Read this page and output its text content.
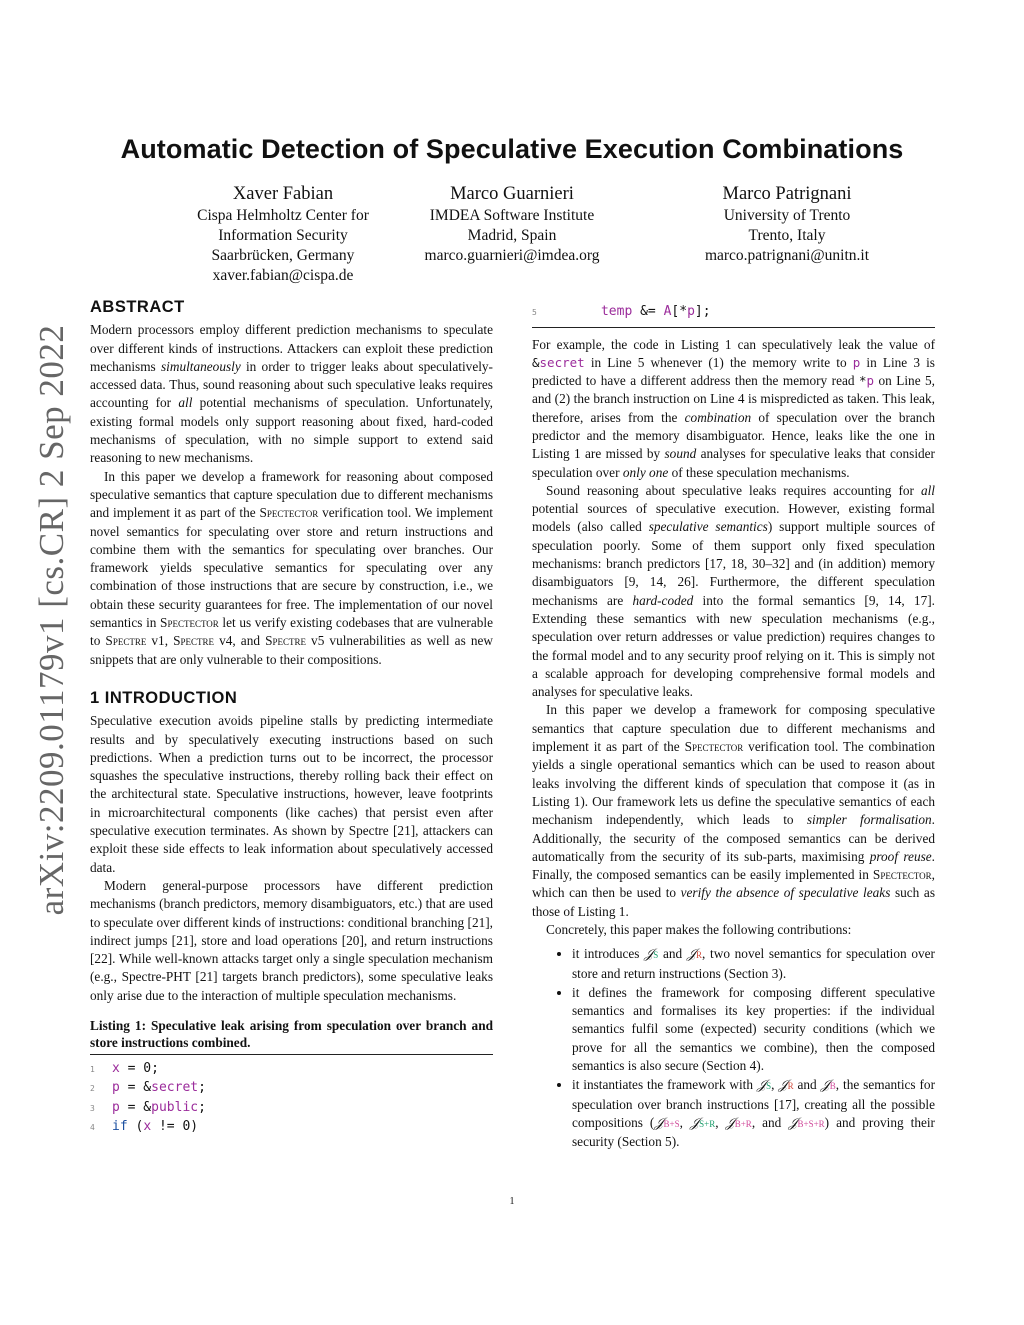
Automatic Detection of Speculative Execution Combinations
Xaver Fabian
Cispa Helmholtz Center for
Information Security
Saarbrücken, Germany
xaver.fabian@cispa.de
Marco Guarnieri
IMDEA Software Institute
Madrid, Spain
marco.guarnieri@imdea.org
Marco Patrignani
University of Trento
Trento, Italy
marco.patrignani@unitn.it
arXiv:2209.01179v1 [cs.CR] 2 Sep 2022
ABSTRACT

Modern processors employ different prediction mechanisms to speculate over different kinds of instructions. Attackers can exploit these prediction mechanisms simultaneously in order to trigger leaks about speculatively-accessed data. Thus, sound reasoning about such speculative leaks requires accounting for all potential mechanisms of speculation. Unfortunately, existing formal models only support reasoning about fixed, hard-coded mechanisms of speculation, with no simple support to extend said reasoning to new mechanisms.

In this paper we develop a framework for reasoning about composed speculative semantics that capture speculation due to different mechanisms and implement it as part of the Spectector verification tool. We implement novel semantics for speculating over store and return instructions and combine them with the semantics for speculating over branches. Our framework yields speculative semantics for speculating over any combination of those instructions that are secure by construction, i.e., we obtain these security guarantees for free. The implementation of our novel semantics in Spectector let us verify existing codebases that are vulnerable to Spectre v1, Spectre v4, and Spectre v5 vulnerabilities as well as new snippets that are only vulnerable to their compositions.

1 INTRODUCTION

Speculative execution avoids pipeline stalls by predicting intermediate results and by speculatively executing instructions based on such predictions. When a prediction turns out to be incorrect, the processor squashes the speculative instructions, thereby rolling back their effect on the architectural state. Speculative instructions, however, leave footprints in microarchitectural components (like caches) that persist even after speculative execution terminates. As shown by Spectre [21], attackers can exploit these side effects to leak information about speculatively accessed data.

Modern general-purpose processors have different prediction mechanisms (branch predictors, memory disambiguators, etc.) that are used to speculate over different kinds of instructions: conditional branching [21], indirect jumps [21], store and load operations [20], and return instructions [22]. While well-known attacks target only a single speculation mechanism (e.g., Spectre-PHT [21] targets branch predictors), some speculative leaks only arise due to the interaction of multiple speculation mechanisms.

Listing 1: Speculative leak arising from speculation over branch and store instructions combined.
1 x = 0;
2 p = &secret;
3 p = &public;
4 if (x != 0)
5	temp &= A[*p];

For example, the code in Listing 1 can speculatively leak the value of &secret in Line 5 whenever (1) the memory write to p in Line 3 is predicted to have a different address then the memory read *p on Line 5, and (2) the branch instruction on Line 4 is mispredicted as taken. This leak, therefore, arises from the combination of speculation over the branch predictor and the memory disambiguator. Hence, leaks like the one in Listing 1 are missed by sound analyses for speculative leaks that consider speculation over only one of these speculation mechanisms.

Sound reasoning about speculative leaks requires accounting for all potential sources of speculative execution. However, existing formal models (also called speculative semantics) support multiple sources of speculation poorly. Some of them support only fixed speculation mechanisms: branch predictors [17, 18, 30–32] and (in addition) memory disambiguators [9, 14, 26]. Furthermore, the different speculation mechanisms are hard-coded into the formal semantics [9, 14, 17]. Extending these semantics with new speculation mechanisms (e.g., speculation over return addresses or value prediction) requires changes to the formal model and to any security proof relying on it. This is simply not a scalable approach for developing comprehensive formal models and analyses for speculative leaks.

In this paper we develop a framework for composing speculative semantics that capture speculation due to different mechanisms and implement it as part of the Spectector verification tool. The combination yields a single operational semantics which can be used to reason about leaks involving the different kinds of speculation that compose it (as in Listing 1). Our framework lets us define the speculative semantics of each mechanism independently, which leads to simpler formalisation. Additionally, the security of the composed semantics can be derived automatically from the security of its sub-parts, maximising proof reuse. Finally, the composed semantics can be easily implemented in Spectector, which can then be used to verify the absence of speculative leaks such as those of Listing 1.

Concretely, this paper makes the following contributions:

• it introduces 𝒥S and 𝒥R, two novel semantics for speculation over store and return instructions (Section 3).
• it defines the framework for composing different speculative semantics and formalises its key properties: if the individual semantics fulfil some (expected) security conditions (which we prove for all the semantics we combine), then the composed semantics is also secure (Section 4).
• it instantiates the framework with 𝒥S, 𝒥R and 𝒥B, the semantics for speculation over branch instructions [17], creating all the possible compositions (𝒥B+S, 𝒥S+R, 𝒥B+R, and 𝒥B+S+R) and proving their security (Section 5).
1
